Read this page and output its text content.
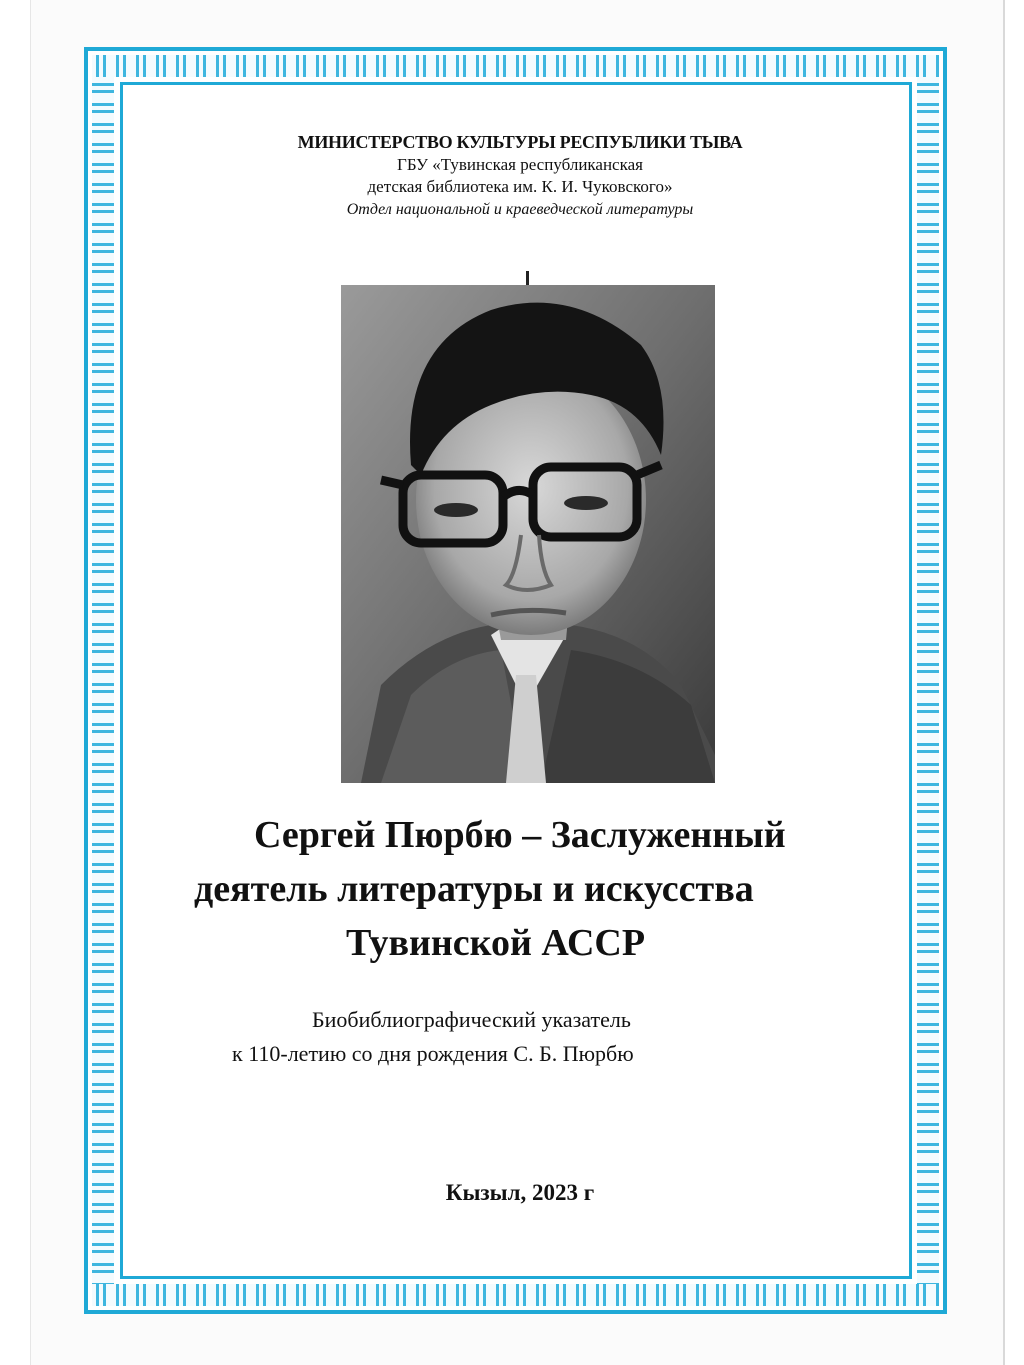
МИНИСТЕРСТВО КУЛЬТУРЫ РЕСПУБЛИКИ ТЫВА
ГБУ «Тувинская республиканская
детская библиотека им. К. И. Чуковского»
Отдел национальной и краеведческой литературы
Сергей Пюрбю – Заслуженный
деятель литературы и искусства
Тувинской АССР
Биобиблиографический указатель
к 110-летию со дня рождения С. Б. Пюрбю
Кызыл, 2023 г
